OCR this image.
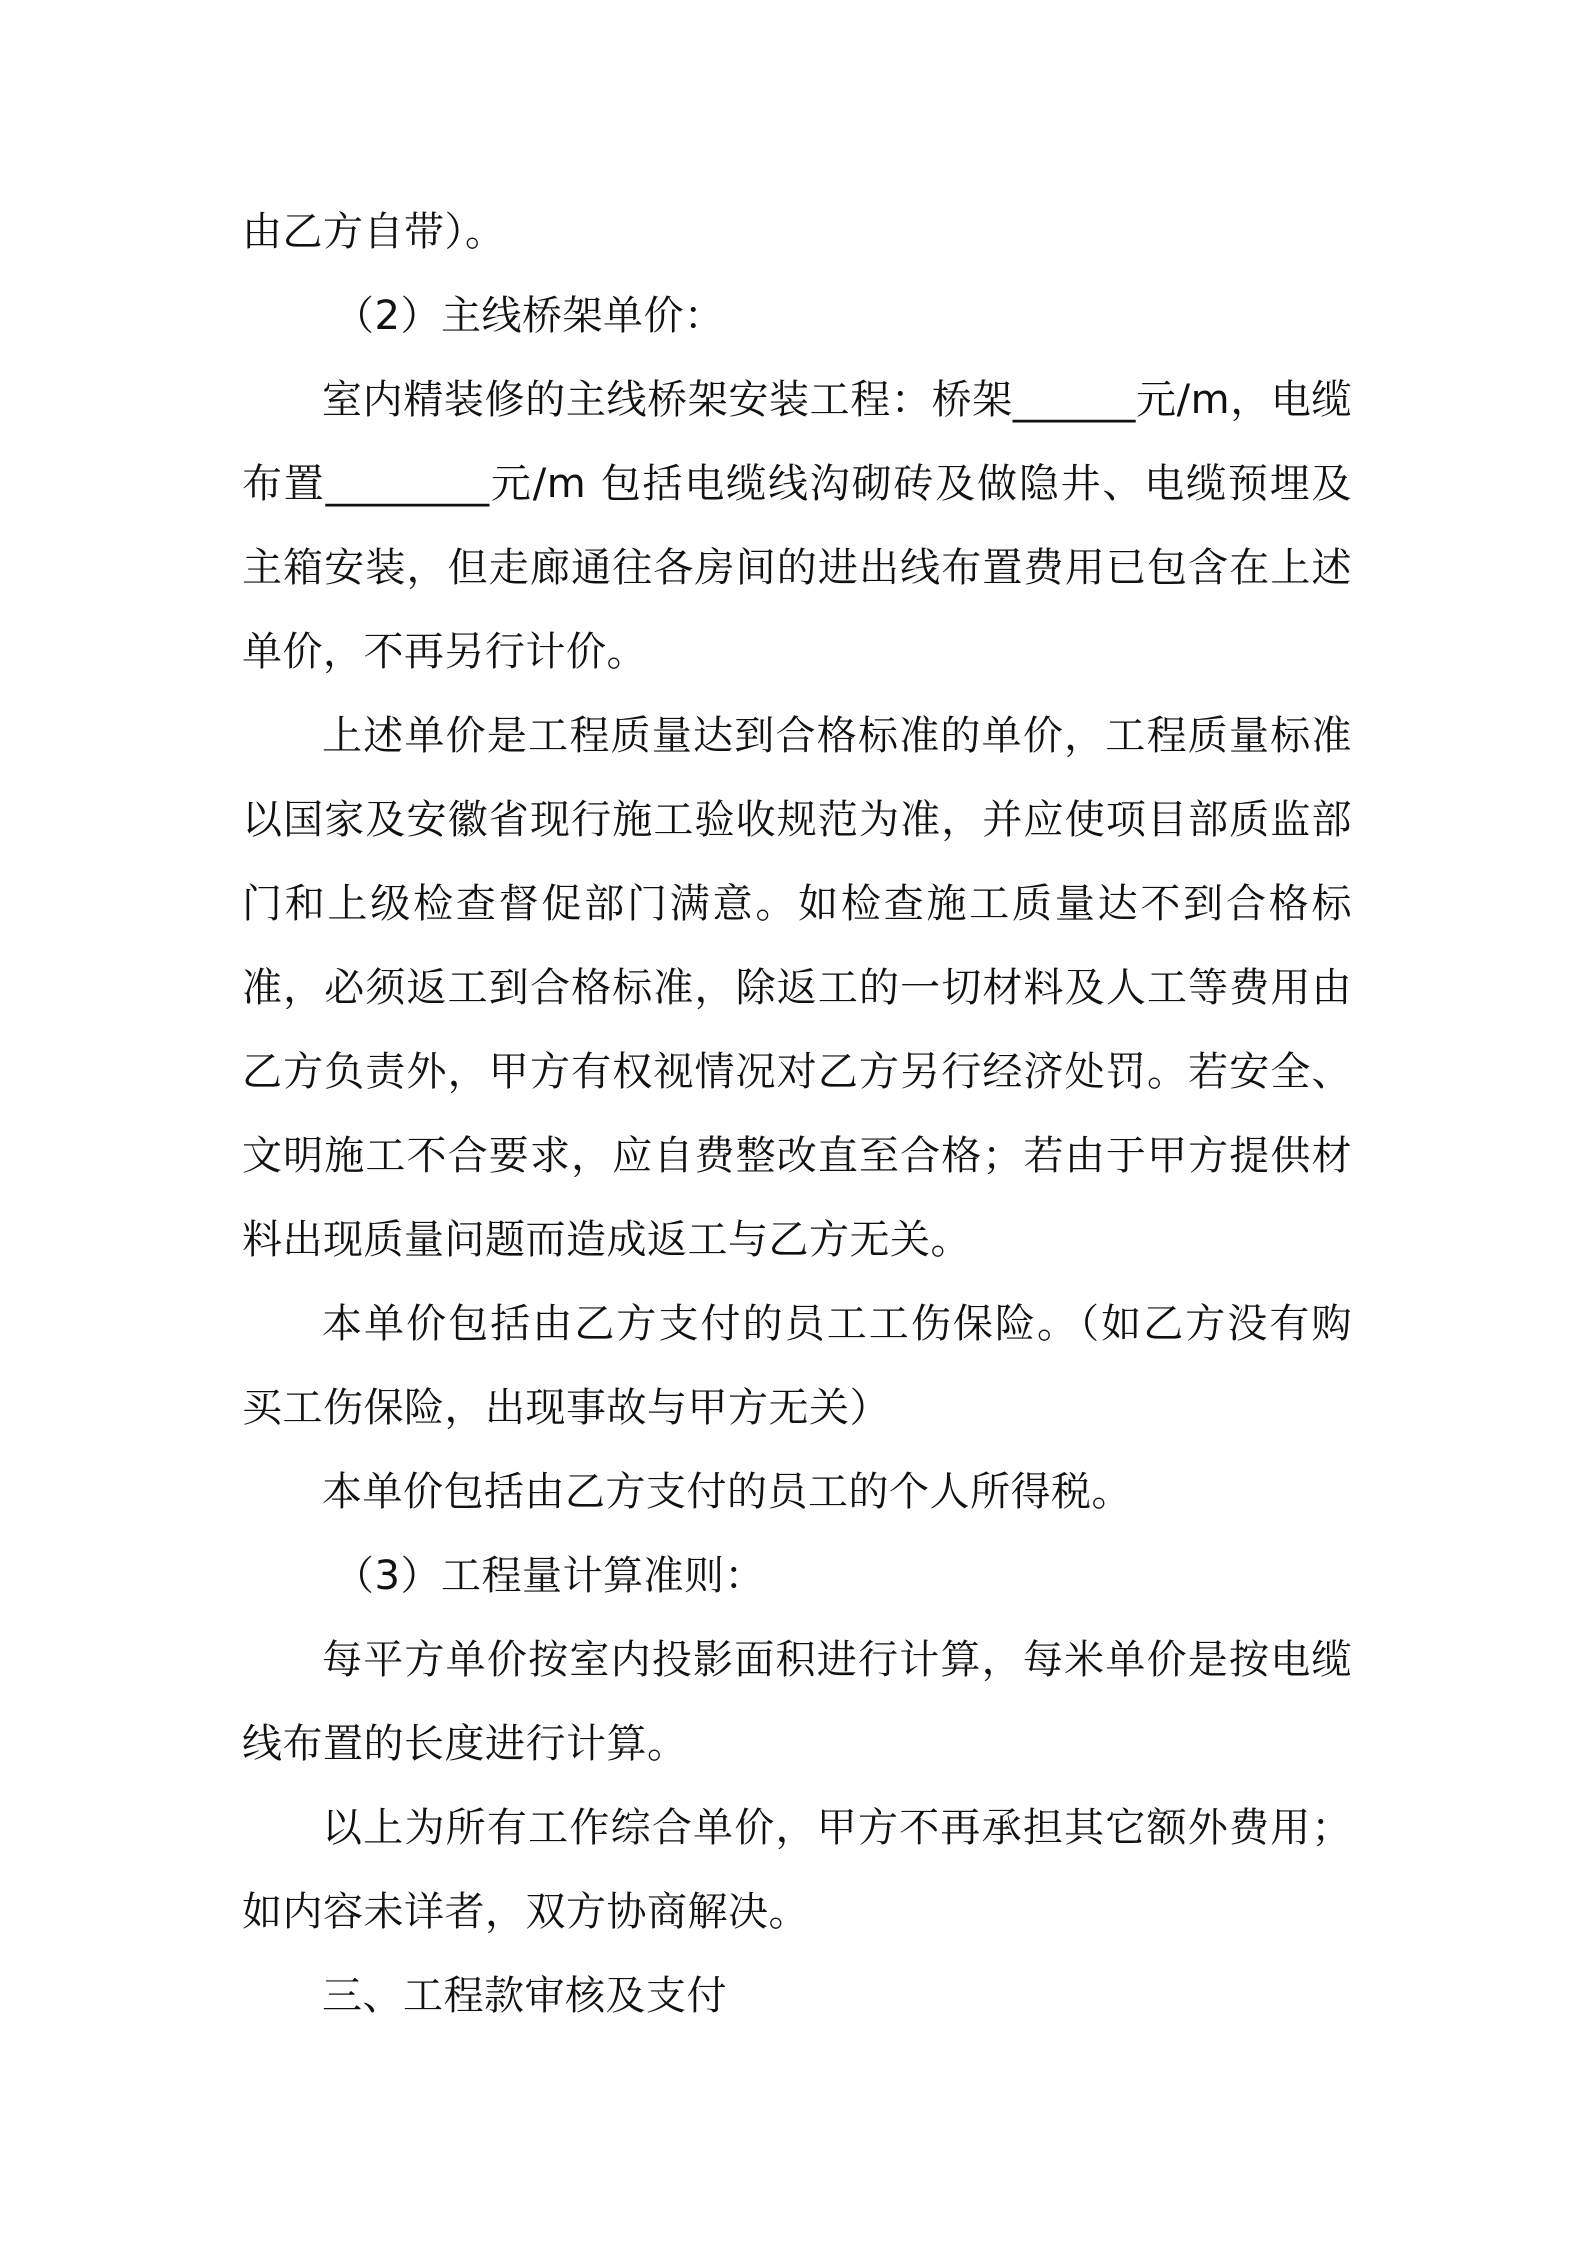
由乙方自带）。

（2）主线桥架单价：

室内精装修的主线桥架安装工程：桥架______元/m，电缆布置________元/m 包括电缆线沟砌砖及做隐井、电缆预埋及主箱安装，但走廊通往各房间的进出线布置费用已包含在上述单价，不再另行计价。

上述单价是工程质量达到合格标准的单价，工程质量标准以国家及安徽省现行施工验收规范为准，并应使项目部质监部门和上级检查督促部门满意。如检查施工质量达不到合格标准，必须返工到合格标准，除返工的一切材料及人工等费用由乙方负责外，甲方有权视情况对乙方另行经济处罚。若安全、文明施工不合要求，应自费整改直至合格；若由于甲方提供材料出现质量问题而造成返工与乙方无关。

本单价包括由乙方支付的员工工伤保险。（如乙方没有购买工伤保险，出现事故与甲方无关）

本单价包括由乙方支付的员工的个人所得税。

（3）工程量计算准则：

每平方单价按室内投影面积进行计算，每米单价是按电缆线布置的长度进行计算。

以上为所有工作综合单价，甲方不再承担其它额外费用；如内容未详者，双方协商解决。

三、工程款审核及支付
